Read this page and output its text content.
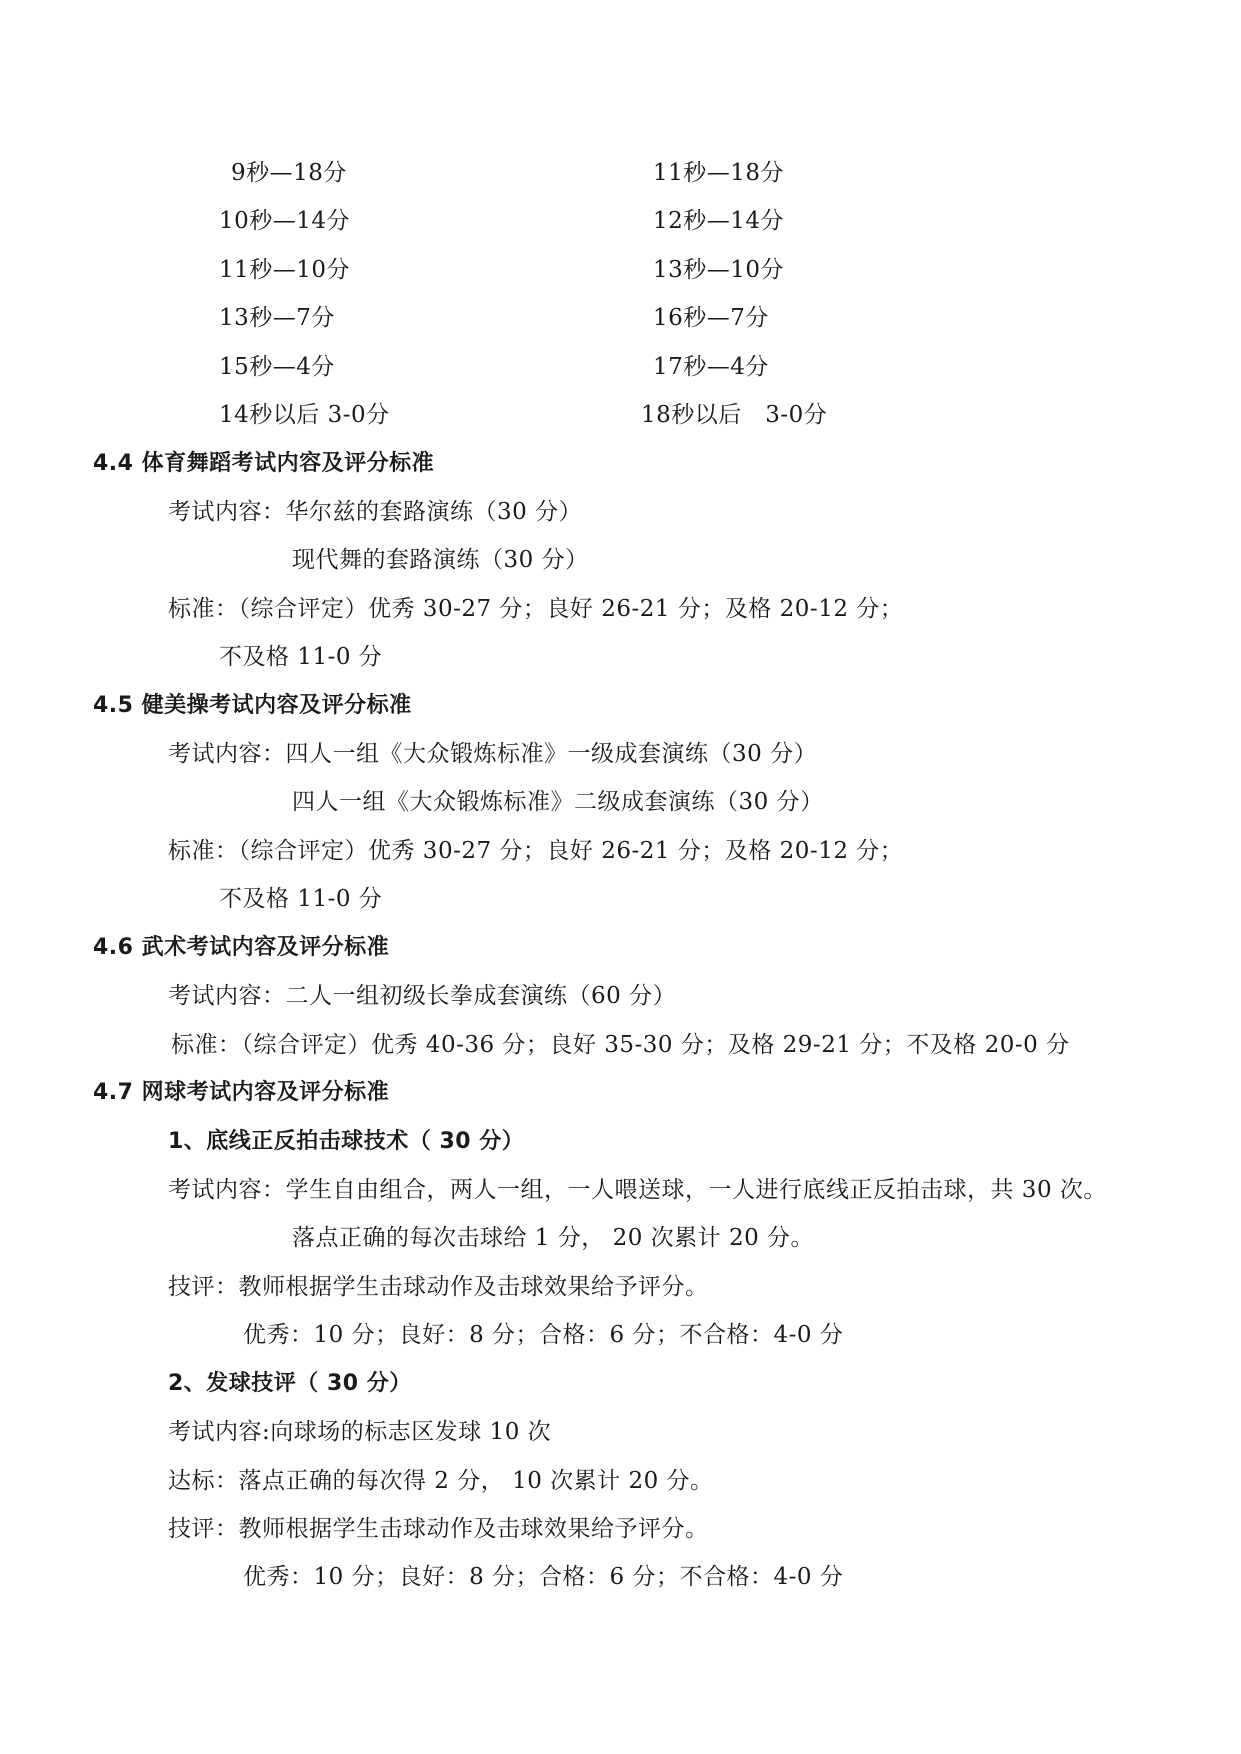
9秒—18分
10秒—14分
11秒—10分
13秒—7分
15秒—4分
14秒以后 3-0分
11秒—18分
12秒—14分
13秒—10分
16秒—7分
17秒—4分
18秒以后　3-0分
4.4 体育舞蹈考试内容及评分标准
考试内容：华尔兹的套路演练（30 分）
现代舞的套路演练（30 分）
标准：（综合评定）优秀 30-27 分；良好 26-21 分；及格 20-12 分；
不及格 11-0 分
4.5 健美操考试内容及评分标准
考试内容：四人一组《大众锻炼标准》一级成套演练（30 分）
四人一组《大众锻炼标准》二级成套演练（30 分）
标准：（综合评定）优秀 30-27 分；良好 26-21 分；及格 20-12 分；
不及格 11-0 分
4.6 武术考试内容及评分标准
考试内容：二人一组初级长拳成套演练（60 分）
标准：（综合评定）优秀 40-36 分；良好 35-30 分；及格 29-21 分；不及格 20-0 分
4.7 网球考试内容及评分标准
1、底线正反拍击球技术（ 30 分）
考试内容：学生自由组合，两人一组，一人喂送球，一人进行底线正反拍击球，共 30 次。
落点正确的每次击球给 1 分， 20 次累计 20 分。
技评：教师根据学生击球动作及击球效果给予评分。
优秀：10 分；良好：8 分；合格：6 分；不合格：4-0 分
2、发球技评（ 30 分）
考试内容:向球场的标志区发球 10 次
达标：落点正确的每次得 2 分， 10 次累计 20 分。
技评：教师根据学生击球动作及击球效果给予评分。
优秀：10 分；良好：8 分；合格：6 分；不合格：4-0 分
